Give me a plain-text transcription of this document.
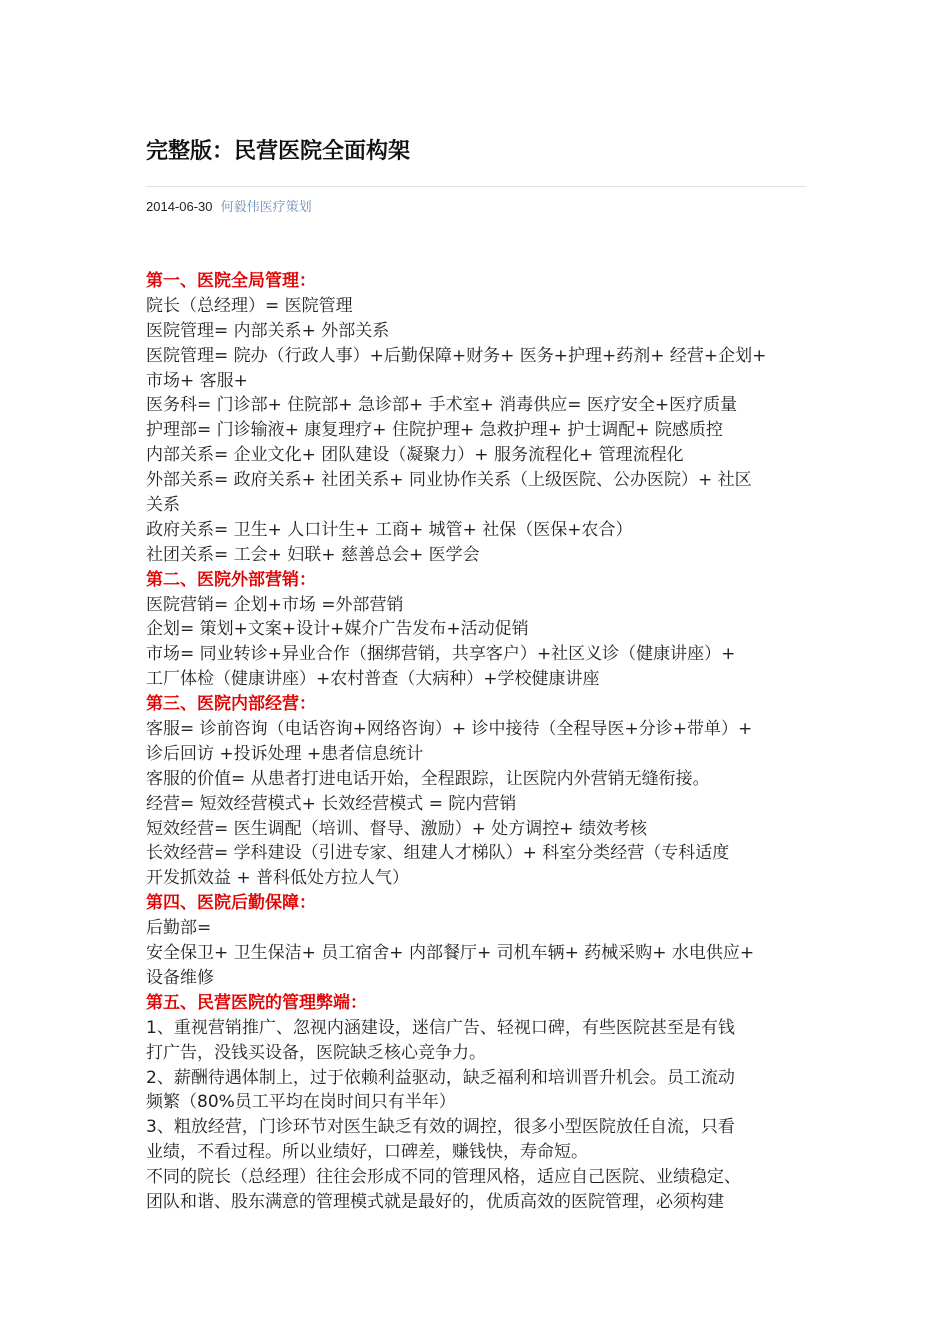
完整版：民营医院全面构架
2014-06-30 何毅伟医疗策划
第一、医院全局管理：
院长（总经理）= 医院管理
医院管理= 内部关系+ 外部关系
医院管理= 院办（行政人事）+后勤保障+财务+ 医务+护理+药剂+ 经营+企划+
市场+ 客服+
医务科= 门诊部+ 住院部+ 急诊部+ 手术室+ 消毒供应= 医疗安全+医疗质量
护理部= 门诊输液+ 康复理疗+ 住院护理+ 急救护理+ 护士调配+ 院感质控
内部关系= 企业文化+ 团队建设（凝聚力）+ 服务流程化+ 管理流程化
外部关系= 政府关系+ 社团关系+ 同业协作关系（上级医院、公办医院）+ 社区
关系
政府关系= 卫生+ 人口计生+ 工商+ 城管+ 社保（医保+农合）
社团关系= 工会+ 妇联+ 慈善总会+ 医学会
第二、医院外部营销：
医院营销= 企划+市场 =外部营销
企划= 策划+文案+设计+媒介广告发布+活动促销
市场= 同业转诊+异业合作（捆绑营销，共享客户）+社区义诊（健康讲座）+
工厂体检（健康讲座）+农村普查（大病种）+学校健康讲座
第三、医院内部经营：
客服= 诊前咨询（电话咨询+网络咨询）+ 诊中接待（全程导医+分诊+带单）+
诊后回访 +投诉处理 +患者信息统计
客服的价值= 从患者打进电话开始，全程跟踪，让医院内外营销无缝衔接。
经营= 短效经营模式+ 长效经营模式 = 院内营销
短效经营= 医生调配（培训、督导、激励）+ 处方调控+ 绩效考核
长效经营= 学科建设（引进专家、组建人才梯队）+ 科室分类经营（专科适度
开发抓效益 + 普科低处方拉人气）
第四、医院后勤保障：
后勤部=
安全保卫+ 卫生保洁+ 员工宿舍+ 内部餐厅+ 司机车辆+ 药械采购+ 水电供应+
设备维修
第五、民营医院的管理弊端：
1、重视营销推广、忽视内涵建设，迷信广告、轻视口碑，有些医院甚至是有钱
打广告，没钱买设备，医院缺乏核心竞争力。
2、薪酬待遇体制上，过于依赖利益驱动，缺乏福利和培训晋升机会。员工流动
频繁（80%员工平均在岗时间只有半年）
3、粗放经营，门诊环节对医生缺乏有效的调控，很多小型医院放任自流，只看
业绩，不看过程。所以业绩好，口碑差，赚钱快，寿命短。
不同的院长（总经理）往往会形成不同的管理风格，适应自己医院、业绩稳定、
团队和谐、股东满意的管理模式就是最好的，优质高效的医院管理，必须构建
